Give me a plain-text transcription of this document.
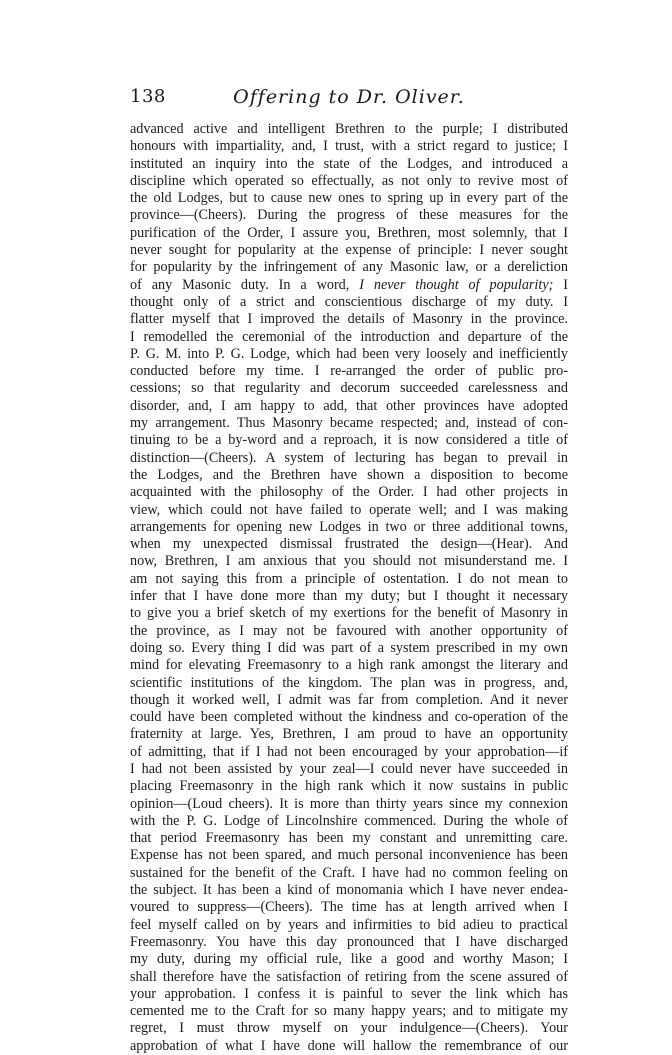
138	Offering to Dr. Oliver.
advanced active and intelligent Brethren to the purple; I distributed
honours with impartiality, and, I trust, with a strict regard to justice; I
instituted an inquiry into the state of the Lodges, and introduced a
discipline which operated so effectually, as not only to revive most of
the old Lodges, but to cause new ones to spring up in every part of the
province—(Cheers). During the progress of these measures for the
purification of the Order, I assure you, Brethren, most solemnly, that I
never sought for popularity at the expense of principle: I never sought
for popularity by the infringement of any Masonic law, or a dereliction
of any Masonic duty. In a word, I never thought of popularity; I
thought only of a strict and conscientious discharge of my duty. I
flatter myself that I improved the details of Masonry in the province.
I remodelled the ceremonial of the introduction and departure of the
P. G. M. into P. G. Lodge, which had been very loosely and inefficiently
conducted before my time. I re-arranged the order of public pro-
cessions; so that regularity and decorum succeeded carelessness and
disorder, and, I am happy to add, that other provinces have adopted
my arrangement. Thus Masonry became respected; and, instead of con-
tinuing to be a by-word and a reproach, it is now considered a title of
distinction—(Cheers). A system of lecturing has began to prevail in
the Lodges, and the Brethren have shown a disposition to become
acquainted with the philosophy of the Order. I had other projects in
view, which could not have failed to operate well; and I was making
arrangements for opening new Lodges in two or three additional towns,
when my unexpected dismissal frustrated the design—(Hear). And
now, Brethren, I am anxious that you should not misunderstand me. I
am not saying this from a principle of ostentation. I do not mean to
infer that I have done more than my duty; but I thought it necessary
to give you a brief sketch of my exertions for the benefit of Masonry in
the province, as I may not be favoured with another opportunity of
doing so. Every thing I did was part of a system prescribed in my own
mind for elevating Freemasonry to a high rank amongst the literary and
scientific institutions of the kingdom. The plan was in progress, and,
though it worked well, I admit was far from completion. And it never
could have been completed without the kindness and co-operation of the
fraternity at large. Yes, Brethren, I am proud to have an opportunity
of admitting, that if I had not been encouraged by your approbation—if
I had not been assisted by your zeal—I could never have succeeded in
placing Freemasonry in the high rank which it now sustains in public
opinion—(Loud cheers). It is more than thirty years since my connexion
with the P. G. Lodge of Lincolnshire commenced. During the whole of
that period Freemasonry has been my constant and unremitting care.
Expense has not been spared, and much personal inconvenience has been
sustained for the benefit of the Craft. I have had no common feeling on
the subject. It has been a kind of monomania which I have never endea-
voured to suppress—(Cheers). The time has at length arrived when I
feel myself called on by years and infirmities to bid adieu to practical
Freemasonry. You have this day pronounced that I have discharged
my duty, during my official rule, like a good and worthy Mason; I
shall therefore have the satisfaction of retiring from the scene assured of
your approbation. I confess it is painful to sever the link which has
cemented me to the Craft for so many happy years; and to mitigate my
regret, I must throw myself on your indulgence—(Cheers). Your
approbation of what I have done will hallow the remembrance of our
